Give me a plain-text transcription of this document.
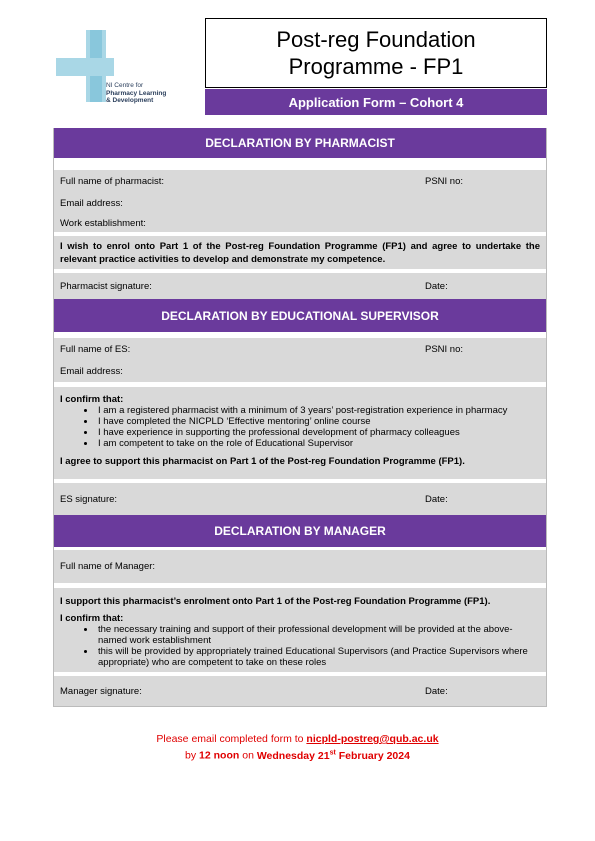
NI Centre for
Pharmacy Learning
& Development
Post-reg Foundation
Programme - FP1
Application Form – Cohort 4
DECLARATION BY PHARMACIST
Full name of pharmacist:	PSNI no:
Email address:
Work establishment:
I wish to enrol onto Part 1 of the Post-reg Foundation Programme (FP1) and agree to undertake the relevant practice activities to develop and demonstrate my competence.
Pharmacist signature:	Date:
DECLARATION BY EDUCATIONAL SUPERVISOR
Full name of ES:	PSNI no:
Email address:
I confirm that:
• I am a registered pharmacist with a minimum of 3 years’ post-registration experience in pharmacy
• I have completed the NICPLD ‘Effective mentoring’ online course
• I have experience in supporting the professional development of pharmacy colleagues
• I am competent to take on the role of Educational Supervisor
I agree to support this pharmacist on Part 1 of the Post-reg Foundation Programme (FP1).
ES signature:	Date:
DECLARATION BY MANAGER
Full name of Manager:
I support this pharmacist’s enrolment onto Part 1 of the Post-reg Foundation Programme (FP1).
I confirm that:
• the necessary training and support of their professional development will be provided at the above-named work establishment
• this will be provided by appropriately trained Educational Supervisors (and Practice Supervisors where appropriate) who are competent to take on these roles
Manager signature:	Date:
Please email completed form to nicpld-postreg@qub.ac.uk
by 12 noon on Wednesday 21st February 2024
